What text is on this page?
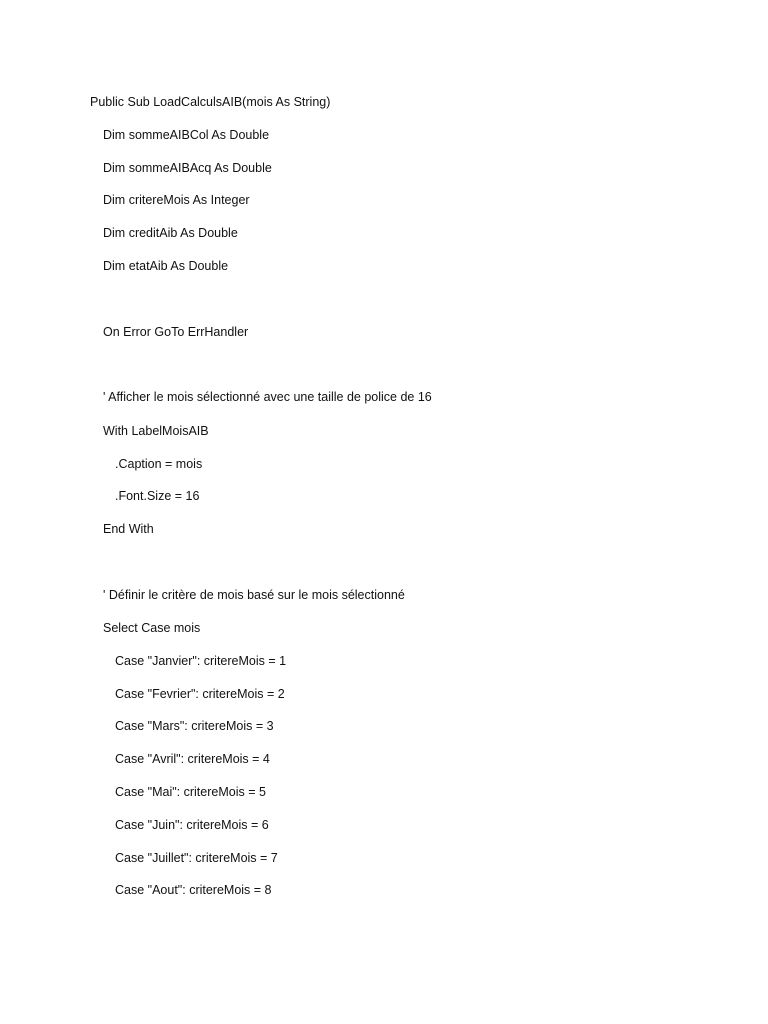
Public Sub LoadCalculsAIB(mois As String)
Dim sommeAIBCol As Double
Dim sommeAIBAcq As Double
Dim critereMois As Integer
Dim creditAib As Double
Dim etatAib As Double
On Error GoTo ErrHandler
' Afficher le mois sélectionné avec une taille de police de 16
With LabelMoisAIB
.Caption = mois
.Font.Size = 16
End With
' Définir le critère de mois basé sur le mois sélectionné
Select Case mois
Case "Janvier": critereMois = 1
Case "Fevrier": critereMois = 2
Case "Mars": critereMois = 3
Case "Avril": critereMois = 4
Case "Mai": critereMois = 5
Case "Juin": critereMois = 6
Case "Juillet": critereMois = 7
Case "Aout": critereMois = 8
